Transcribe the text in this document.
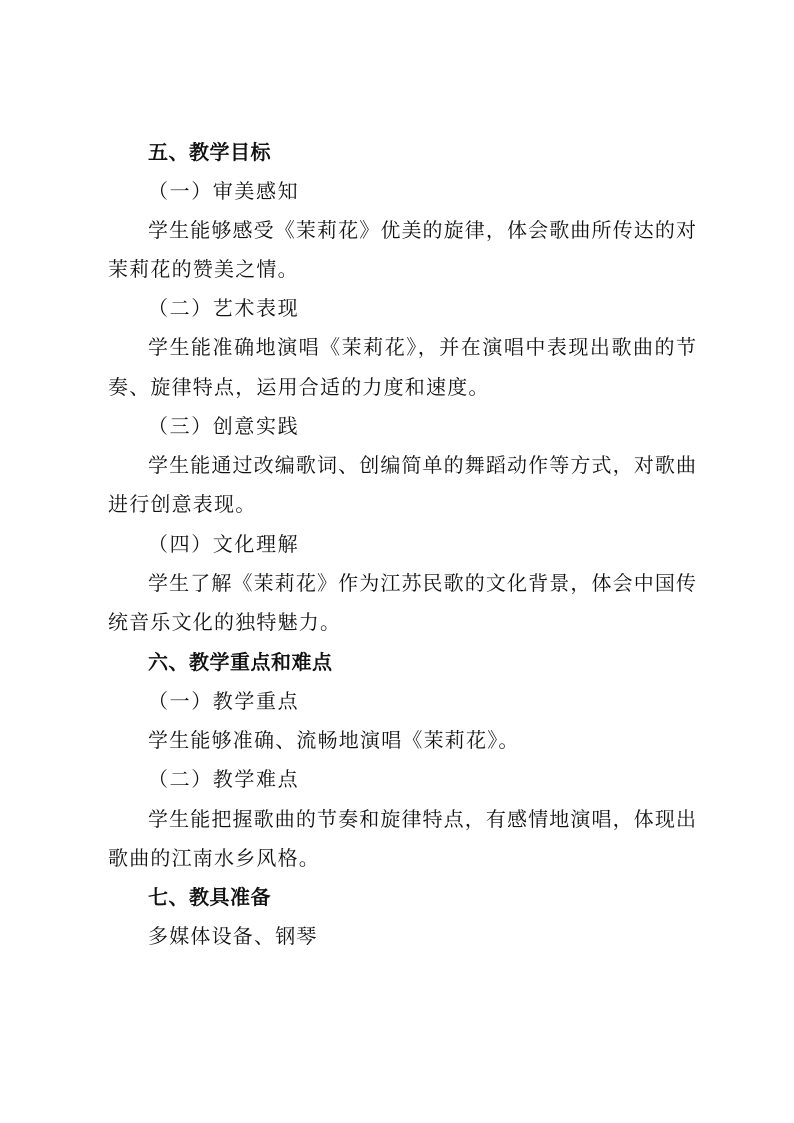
五、教学目标
（一）审美感知
学生能够感受《茉莉花》优美的旋律，体会歌曲所传达的对
茉莉花的赞美之情。
（二）艺术表现
学生能准确地演唱《茉莉花》，并在演唱中表现出歌曲的节
奏、旋律特点，运用合适的力度和速度。
（三）创意实践
学生能通过改编歌词、创编简单的舞蹈动作等方式，对歌曲
进行创意表现。
（四）文化理解
学生了解《茉莉花》作为江苏民歌的文化背景，体会中国传
统音乐文化的独特魅力。
六、教学重点和难点
（一）教学重点
学生能够准确、流畅地演唱《茉莉花》。
（二）教学难点
学生能把握歌曲的节奏和旋律特点，有感情地演唱，体现出
歌曲的江南水乡风格。
七、教具准备
多媒体设备、钢琴
